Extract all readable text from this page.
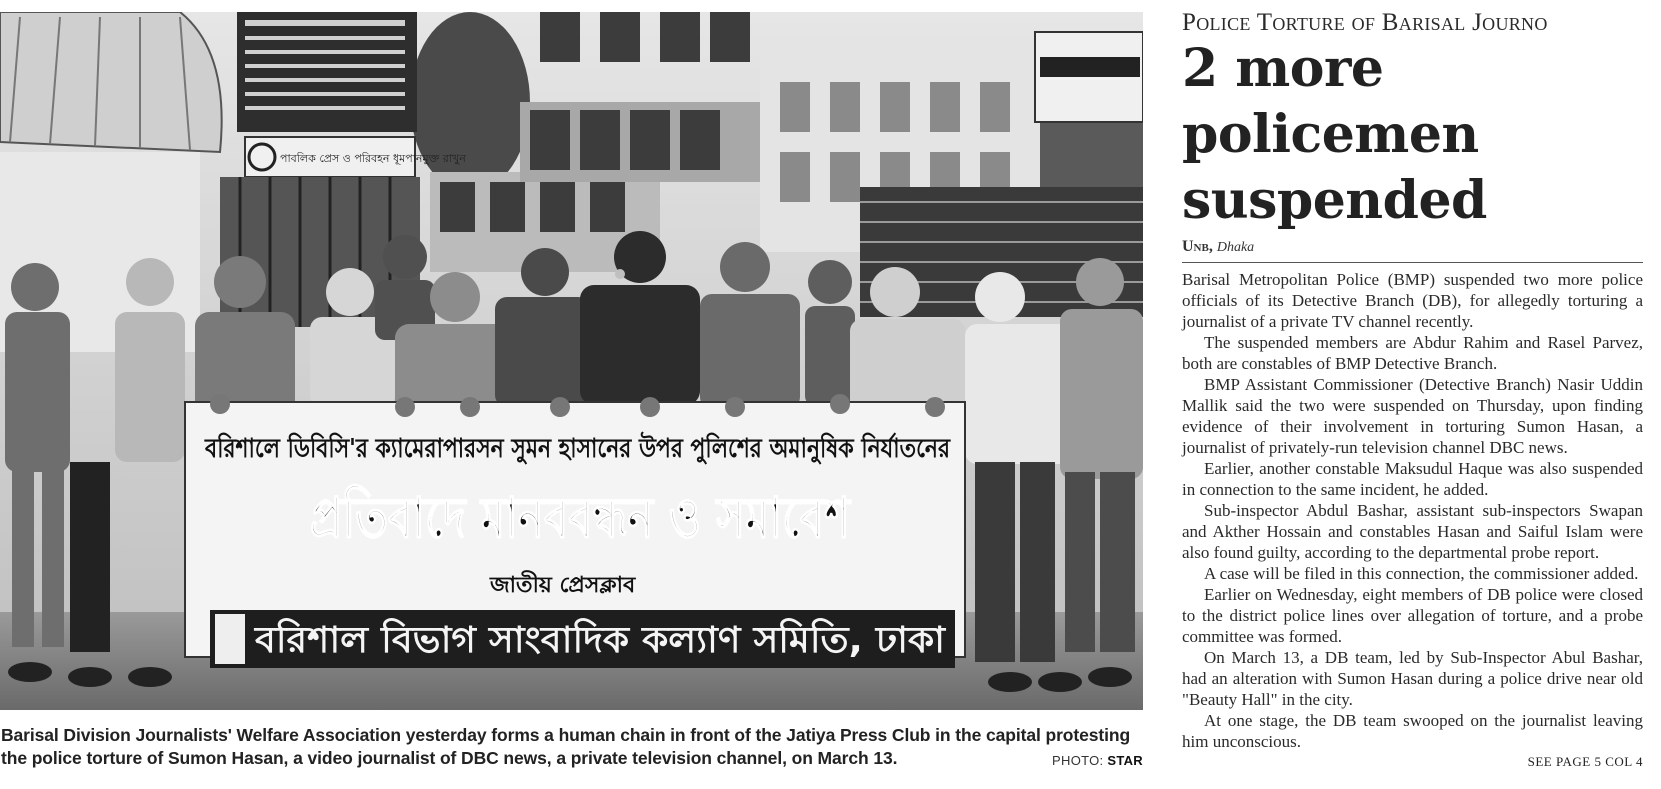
পাবলিক প্রেস ও পরিবহন ধূমপানমুক্ত রাখুন
বরিশালে ডিবিসি'র ক্যামেরাপারসন সুমন হাসানের উপর পুলিশের অমানুষিক নির্যাতনের
প্রতিবাদে মানববন্ধন ও সমাবেশ
জাতীয় প্রেসক্লাব
বরিশাল বিভাগ সাংবাদিক কল্যাণ সমিতি, ঢাকা
Barisal Division Journalists' Welfare Association yesterday forms a human chain in front of the Jatiya Press Club in the capital protesting the police torture of Sumon Hasan, a video journalist of DBC news, a private television channel, on March 13.	PHOTO: STAR
Police Torture of Barisal Journo
2 more policemen suspended
Unb, Dhaka

Barisal Metropolitan Police (BMP) suspended two more police officials of its Detective Branch (DB), for allegedly torturing a journalist of a private TV channel recently.

The suspended members are Abdur Rahim and Rasel Parvez, both are constables of BMP Detective Branch.

BMP Assistant Commissioner (Detective Branch) Nasir Uddin Mallik said the two were suspended on Thursday, upon finding evidence of their involvement in torturing Sumon Hasan, a journalist of privately-run television channel DBC news.

Earlier, another constable Maksudul Haque was also suspended in connection to the same incident, he added.

Sub-inspector Abdul Bashar, assistant sub-inspectors Swapan and Akther Hossain and constables Hasan and Saiful Islam were also found guilty, according to the departmental probe report.

A case will be filed in this connection, the commissioner added.

Earlier on Wednesday, eight members of DB police were closed to the district police lines over allegation of torture, and a probe committee was formed.

On March 13, a DB team, led by Sub-Inspector Abul Bashar, had an alteration with Sumon Hasan during a police drive near old "Beauty Hall" in the city.

At one stage, the DB team swooped on the journalist leaving him unconscious.

SEE PAGE 5 COL 4
